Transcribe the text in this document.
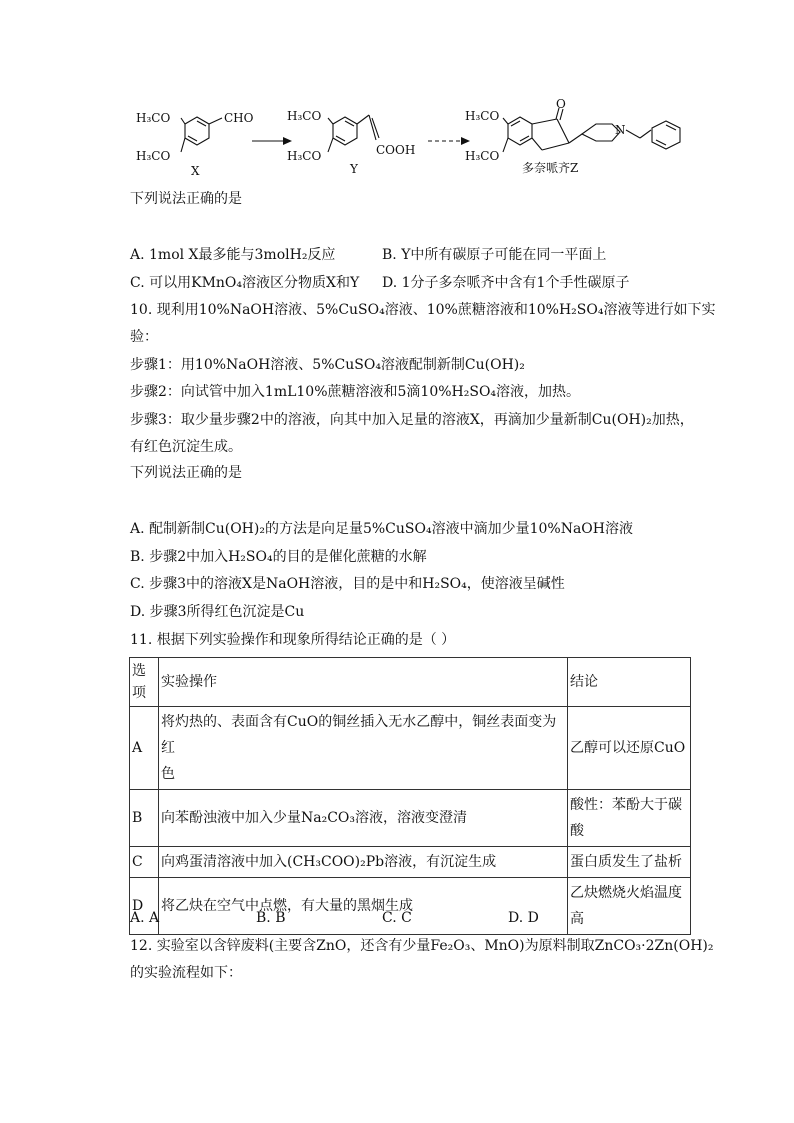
H₃CO
H₃CO
CHO
X
H₃CO
H₃CO	COOH
Y
H₃CO
H₃CO
O
N
多奈哌齐Z
下列说法正确的是
A. 1mol X最多能与3molH₂反应	B. Y中所有碳原子可能在同一平面上
C. 可以用KMnO₄溶液区分物质X和Y D. 1分子多奈哌齐中含有1个手性碳原子
10. 现利用10%NaOH溶液、5%CuSO₄溶液、10%蔗糖溶液和10%H₂SO₄溶液等进行如下实
验：
步骤1：用10%NaOH溶液、5%CuSO₄溶液配制新制Cu(OH)₂
步骤2：向试管中加入1mL10%蔗糖溶液和5滴10%H₂SO₄溶液，加热。
步骤3：取少量步骤2中的溶液，向其中加入足量的溶液X，再滴加少量新制Cu(OH)₂加热，
有红色沉淀生成。
下列说法正确的是
A. 配制新制Cu(OH)₂的方法是向足量5%CuSO₄溶液中滴加少量10%NaOH溶液
B. 步骤2中加入H₂SO₄的目的是催化蔗糖的水解
C. 步骤3中的溶液X是NaOH溶液，目的是中和H₂SO₄，使溶液呈碱性
D. 步骤3所得红色沉淀是Cu
11. 根据下列实验操作和现象所得结论正确的是（ ）
选
项	实验操作	结论
A	将灼热的、表面含有CuO的铜丝插入无水乙醇中，铜丝表面变为红
色	乙醇可以还原CuO
B	向苯酚浊液中加入少量Na₂CO₃溶液，溶液变澄清	酸性：苯酚大于碳酸
C	向鸡蛋清溶液中加入(CH₃COO)₂Pb溶液，有沉淀生成	蛋白质发生了盐析
D	将乙炔在空气中点燃，有大量的黑烟生成	乙炔燃烧火焰温度
高
A. A	B. B	C. C	D. D
12. 实验室以含锌废料(主要含ZnO，还含有少量Fe₂O₃、MnO)为原料制取ZnCO₃·2Zn(OH)₂
的实验流程如下：
